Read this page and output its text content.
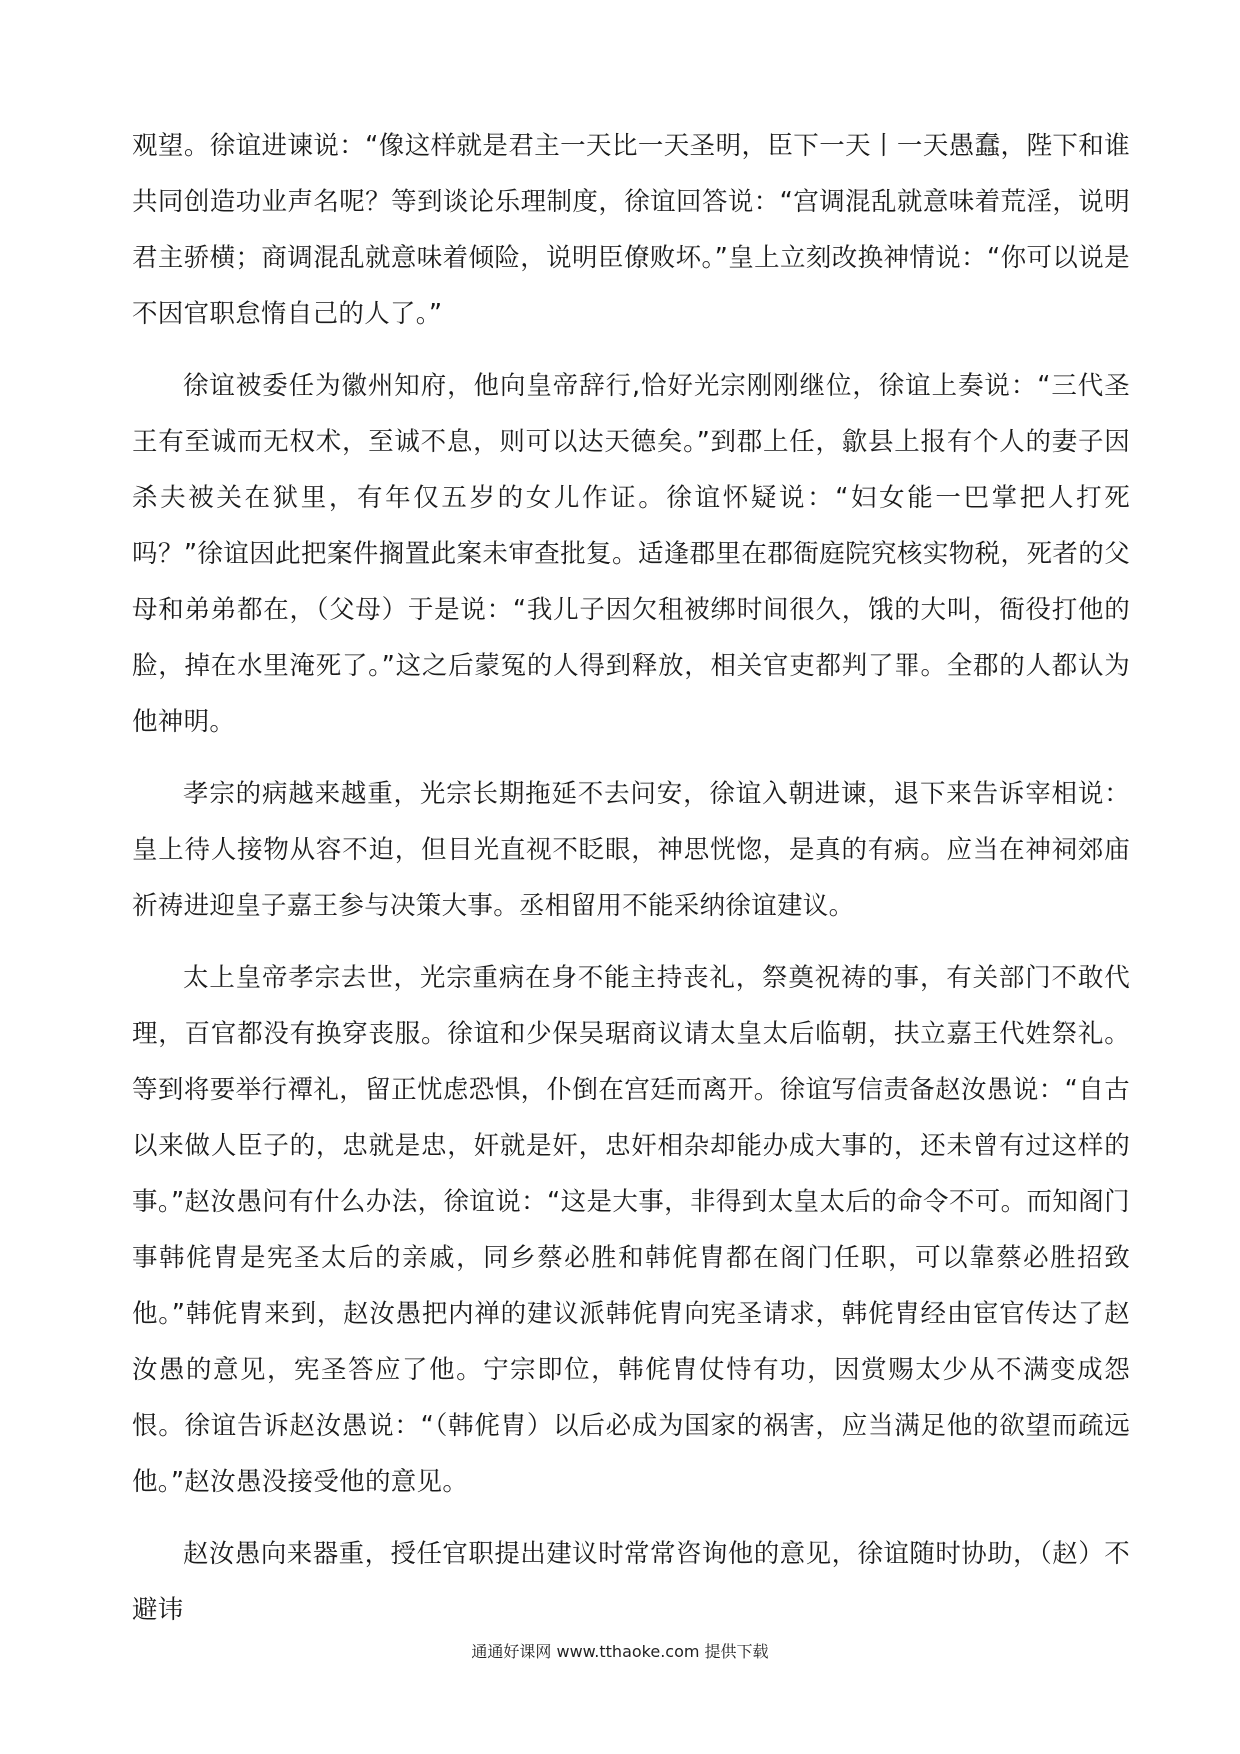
观望。徐谊进谏说：“像这样就是君主一天比一天圣明，臣下一天丨一天愚蠢，陛下和谁共同创造功业声名呢？等到谈论乐理制度，徐谊回答说：“宫调混乱就意味着荒淫，说明君主骄横；商调混乱就意味着倾险，说明臣僚败坏。”皇上立刻改换神情说：“你可以说是不因官职怠惰自己的人了。”

徐谊被委任为徽州知府，他向皇帝辞行,恰好光宗刚刚继位，徐谊上奏说：“三代圣王有至诚而无权术，至诚不息，则可以达天德矣。”到郡上任，歙县上报有个人的妻子因杀夫被关在狱里，有年仅五岁的女儿作证。徐谊怀疑说：“妇女能一巴掌把人打死吗？”徐谊因此把案件搁置此案未审查批复。适逢郡里在郡衙庭院究核实物税，死者的父母和弟弟都在，（父母）于是说：“我儿子因欠租被绑时间很久，饿的大叫，衙役打他的脸，掉在水里淹死了。”这之后蒙冤的人得到释放，相关官吏都判了罪。全郡的人都认为他神明。

孝宗的病越来越重，光宗长期拖延不去问安，徐谊入朝进谏，退下来告诉宰相说：皇上待人接物从容不迫，但目光直视不眨眼，神思恍惚，是真的有病。应当在神祠郊庙祈祷进迎皇子嘉王参与决策大事。丞相留用不能采纳徐谊建议。

太上皇帝孝宗去世，光宗重病在身不能主持丧礼，祭奠祝祷的事，有关部门不敢代理，百官都没有换穿丧服。徐谊和少保吴琚商议请太皇太后临朝，扶立嘉王代姓祭礼。等到将要举行禫礼，留正忧虑恐惧，仆倒在宫廷而离开。徐谊写信责备赵汝愚说：“自古以来做人臣子的，忠就是忠，奸就是奸，忠奸相杂却能办成大事的，还未曾有过这样的事。”赵汝愚问有什么办法，徐谊说：“这是大事，非得到太皇太后的命令不可。而知阁门事韩侂胄是宪圣太后的亲戚，同乡蔡必胜和韩侂胄都在阁门任职，可以靠蔡必胜招致他。”韩侂胄来到，赵汝愚把内禅的建议派韩侂胄向宪圣请求，韩侂胄经由宦官传达了赵汝愚的意见，宪圣答应了他。宁宗即位，韩侂胄仗恃有功，因赏赐太少从不满变成怨恨。徐谊告诉赵汝愚说：“（韩侂胄）以后必成为国家的祸害，应当满足他的欲望而疏远他。”赵汝愚没接受他的意见。

赵汝愚向来器重，授任官职提出建议时常常咨询他的意见，徐谊随时协助，（赵）不避讳

通通好课网 www.tthaoke.com 提供下载
